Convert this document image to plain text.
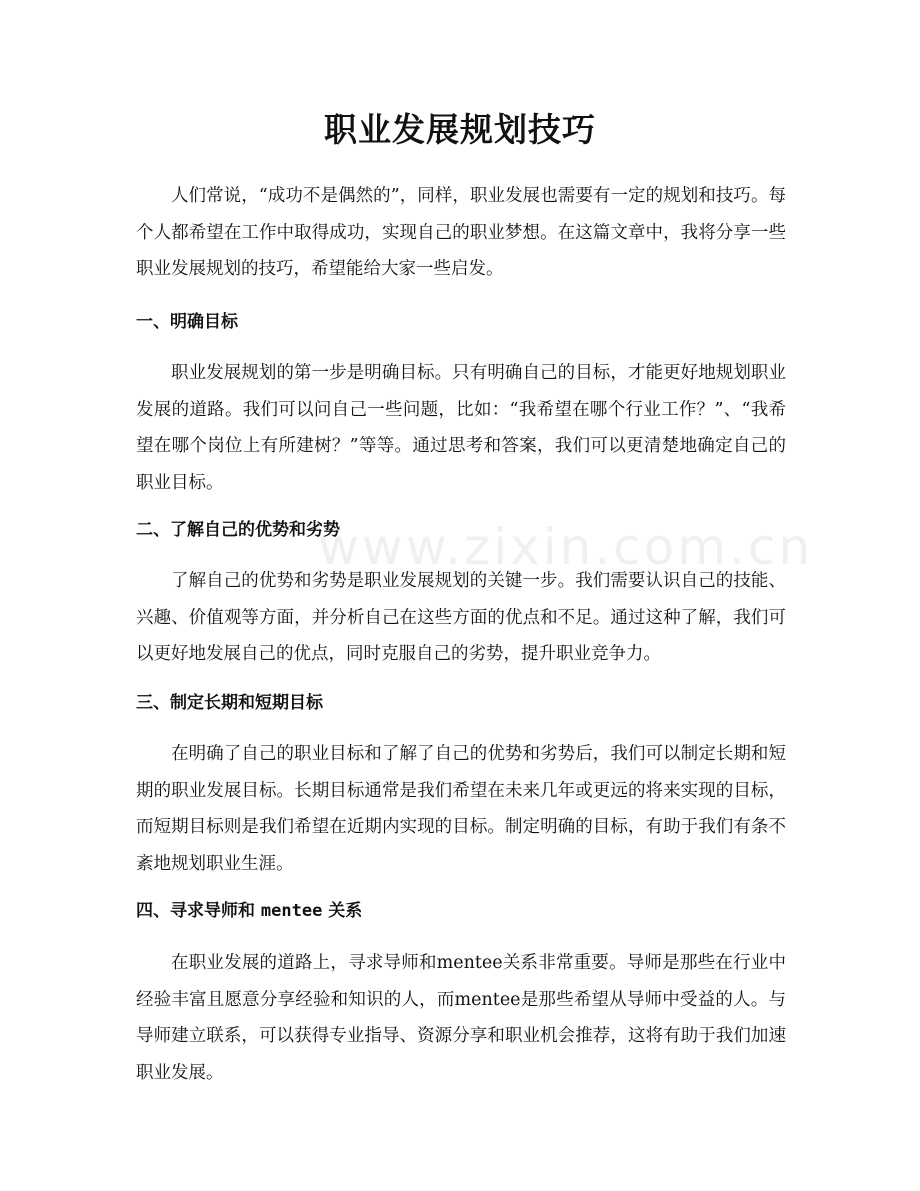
www.zixin.com.cn
职业发展规划技巧

人们常说，“成功不是偶然的”，同样，职业发展也需要有一定的规划和技巧。每个人都希望在工作中取得成功，实现自己的职业梦想。在这篇文章中，我将分享一些职业发展规划的技巧，希望能给大家一些启发。

一、明确目标

职业发展规划的第一步是明确目标。只有明确自己的目标，才能更好地规划职业发展的道路。我们可以问自己一些问题，比如：“我希望在哪个行业工作？”、“我希望在哪个岗位上有所建树？”等等。通过思考和答案，我们可以更清楚地确定自己的职业目标。

二、了解自己的优势和劣势

了解自己的优势和劣势是职业发展规划的关键一步。我们需要认识自己的技能、兴趣、价值观等方面，并分析自己在这些方面的优点和不足。通过这种了解，我们可以更好地发展自己的优点，同时克服自己的劣势，提升职业竞争力。

三、制定长期和短期目标

在明确了自己的职业目标和了解了自己的优势和劣势后，我们可以制定长期和短期的职业发展目标。长期目标通常是我们希望在未来几年或更远的将来实现的目标，而短期目标则是我们希望在近期内实现的目标。制定明确的目标，有助于我们有条不紊地规划职业生涯。

四、寻求导师和 mentee 关系

在职业发展的道路上，寻求导师和mentee关系非常重要。导师是那些在行业中经验丰富且愿意分享经验和知识的人，而mentee是那些希望从导师中受益的人。与导师建立联系，可以获得专业指导、资源分享和职业机会推荐，这将有助于我们加速职业发展。
